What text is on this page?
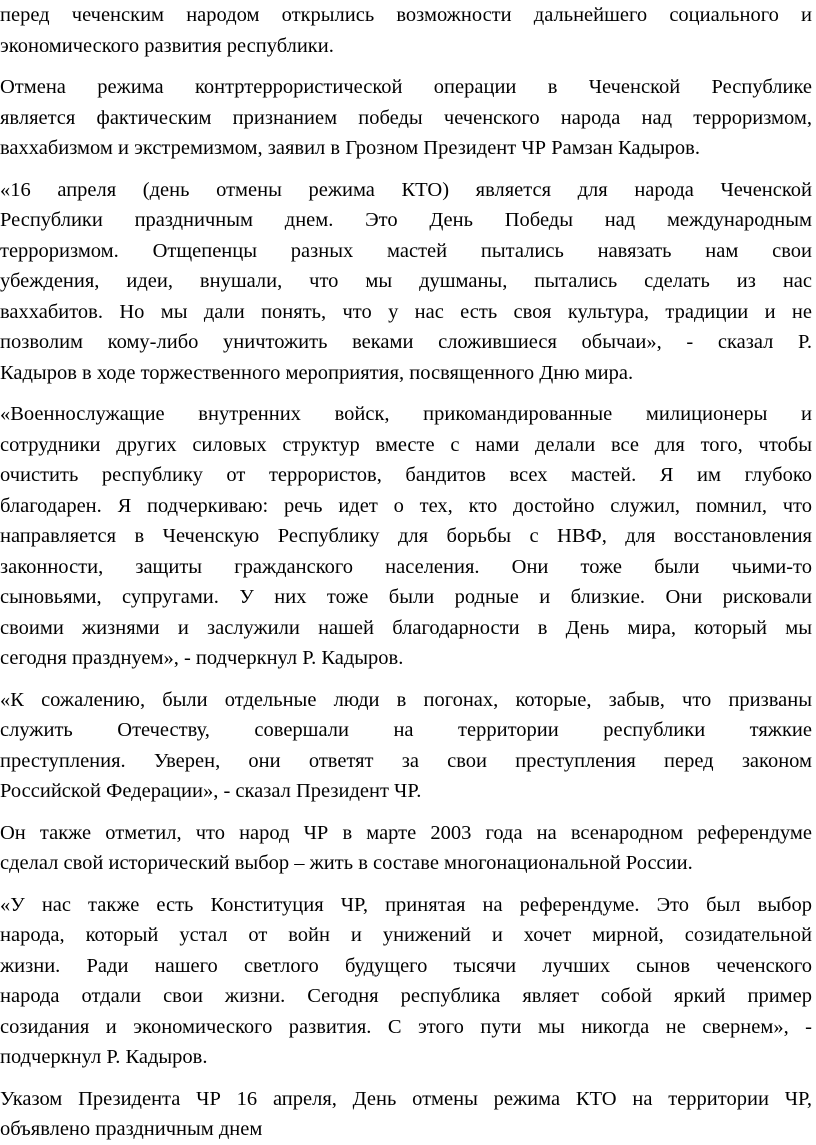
перед чеченским народом открылись возможности дальнейшего социального и
экономического развития республики.
Отмена режима контртеррористической операции в Чеченской Республике
является фактическим признанием победы чеченского народа над терроризмом,
ваххабизмом и экстремизмом, заявил в Грозном Президент ЧР Рамзан Кадыров.
«16 апреля (день отмены режима КТО) является для народа Чеченской
Республики праздничным днем. Это День Победы над международным
терроризмом. Отщепенцы разных мастей пытались навязать нам свои
убеждения, идеи, внушали, что мы душманы, пытались сделать из нас
ваххабитов. Но мы дали понять, что у нас есть своя культура, традиции и не
позволим кому-либо уничтожить веками сложившиеся обычаи», - сказал Р.
Кадыров в ходе торжественного мероприятия, посвященного Дню мира.
«Военнослужащие внутренних войск, прикомандированные милиционеры и
сотрудники других силовых структур вместе с нами делали все для того, чтобы
очистить республику от террористов, бандитов всех мастей. Я им глубоко
благодарен. Я подчеркиваю: речь идет о тех, кто достойно служил, помнил, что
направляется в Чеченскую Республику для борьбы с НВФ, для восстановления
законности, защиты гражданского населения. Они тоже были чьими-то
сыновьями, супругами. У них тоже были родные и близкие. Они рисковали
своими жизнями и заслужили нашей благодарности в День мира, который мы
сегодня празднуем», - подчеркнул Р. Кадыров.
«К сожалению, были отдельные люди в погонах, которые, забыв, что призваны
служить Отечеству, совершали на территории республики тяжкие
преступления. Уверен, они ответят за свои преступления перед законом
Российской Федерации», - сказал Президент ЧР.
Он также отметил, что народ ЧР в марте 2003 года на всенародном референдуме
сделал свой исторический выбор – жить в составе многонациональной России.
«У нас также есть Конституция ЧР, принятая на референдуме. Это был выбор
народа, который устал от войн и унижений и хочет мирной, созидательной
жизни. Ради нашего светлого будущего тысячи лучших сынов чеченского
народа отдали свои жизни. Сегодня республика являет собой яркий пример
созидания и экономического развития. С этого пути мы никогда не свернем», -
подчеркнул Р. Кадыров.
Указом Президента ЧР 16 апреля, День отмены режима КТО на территории ЧР,
объявлено праздничным днем
